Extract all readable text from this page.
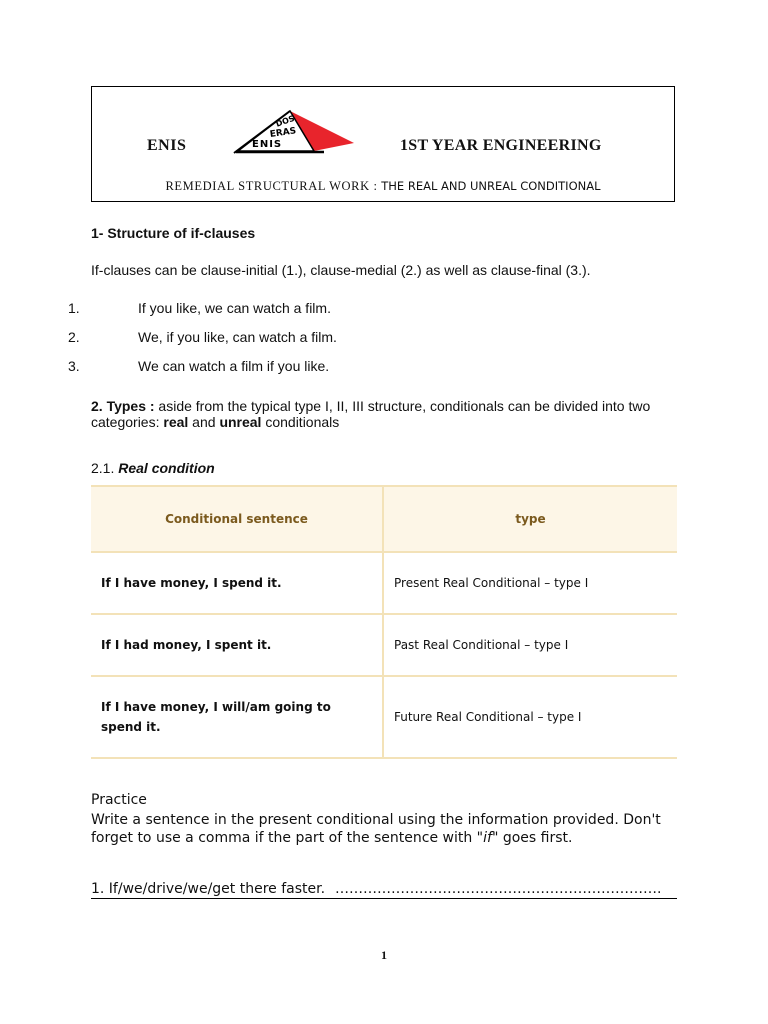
ENIS	ENIS
ERAS
DOS
1ST YEAR ENGINEERING
REMEDIAL STRUCTURAL WORK : THE REAL AND UNREAL CONDITIONAL
1- Structure of if-clauses
If-clauses can be clause-initial (1.), clause-medial (2.) as well as clause-final (3.).
1.	If you like, we can watch a film.
2.	We, if you like, can watch a film.
3.	We can watch a film if you like.
2. Types : aside from the typical type I, II, III structure, conditionals can be divided into two categories: real and unreal conditionals
2.1. Real condition
Conditional sentence	type
If I have money, I spend it.	Present Real Conditional – type I
If I had money, I spent it.	Past Real Conditional – type I
If I have money, I will/am going to spend it.	Future Real Conditional – type I
Practice
Write a sentence in the present conditional using the information provided. Don't forget to use a comma if the part of the sentence with "if" goes first.
1. If/we/drive/we/get there faster. …………………………………………………………….
1
